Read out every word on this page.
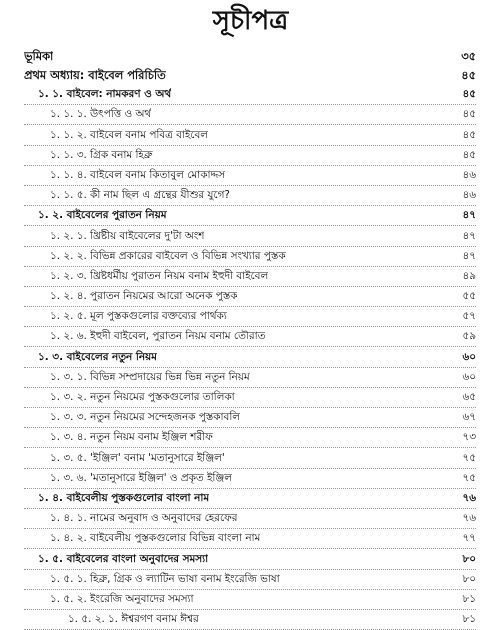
সূচীপত্র
ভূমিকা	৩৫
প্রথম অধ্যায়: বাইবেল পরিচিতি	৪৫
১. ১. বাইবেল: নামকরণ ও অর্থ	৪৫
১. ১. ১. উৎপত্তি ও অর্থ	৪৫
১. ১. ২. বাইবেল বনাম পবিত্র বাইবেল	৪৫
১. ১. ৩. গ্রিক বনাম হিব্রু	৪৫
১. ১. ৪. বাইবেল বনাম কিতাবুল মোকাদ্দস	৪৬
১. ১. ৫. কী নাম ছিল এ গ্রন্থের যীশুর যুগে?	৪৬
১. ২. বাইবেলের পুরাতন নিয়ম	৪৭
১. ২. ১. খ্রিষ্টীয় বাইবেলের দু'টা অংশ	৪৭
১. ২. ২. বিভিন্ন প্রকারের বাইবেল ও বিভিন্ন সংখ্যার পুস্তক	৪৭
১. ২. ৩. খ্রিষ্টধর্মীয় পুরাতন নিয়ম বনাম ইহুদী বাইবেল	৪৯
১. ২. ৪. পুরাতন নিয়মের আরো অনেক পুস্তক	৫৫
১. ২. ৫. মূল পুস্তকগুলোর বক্তব্যের পার্থক্য	৫৭
১. ২. ৬. ইহুদী বাইবেল, পুরাতন নিয়ম বনাম তৌরাত	৫৯
১. ৩. বাইবেলের নতুন নিয়ম	৬০
১. ৩. ১. বিভিন্ন সম্প্রদায়ের ভিন্ন ভিন্ন নতুন নিয়ম	৬০
১. ৩. ২. নতুন নিয়মের পুস্তকগুলোর তালিকা	৬৫
১. ৩. ৩. নতুন নিয়মের সন্দেহজনক পুস্তকাবলি	৬৭
১. ৩. ৪. নতুন নিয়ম বনাম ইঞ্জিল শরীফ	৭৩
১. ৩. ৫. 'ইঞ্জিল' বনাম 'মতানুসারে ইঞ্জিল'	৭৫
১. ৩. ৬. 'মতানুসারে ইঞ্জিল' ও প্রকৃত ইঞ্জিল	৭৫
১. ৪. বাইবেলীয় পুস্তকগুলোর বাংলা নাম	৭৬
১. ৪. ১. নামের অনুবাদ ও অনুবাদের হেরফের	৭৬
১. ৪. ২. বাইবেলীয় পুস্তকগুলোর বিভিন্ন বাংলা নাম	৭৭
১. ৫. বাইবেলের বাংলা অনুবাদের সমস্যা	৮০
১. ৫. ১. হিব্রু, গ্রিক ও ল্যাটিন ভাষা বনাম ইংরেজি ভাষা	৮০
১. ৫. ২. ইংরেজি অনুবাদের সমস্যা	৮১
১. ৫. ২. ১. ঈশ্বরগণ বনাম ঈশ্বর	৮১
